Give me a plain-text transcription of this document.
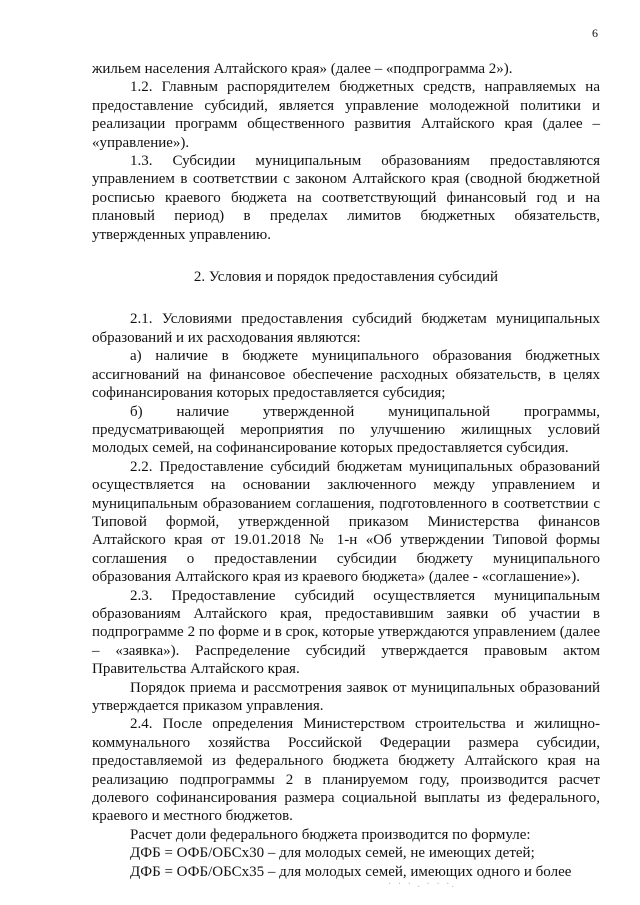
6

жильем населения Алтайского края» (далее – «подпрограмма 2»).

1.2. Главным распорядителем бюджетных средств, направляемых на предоставление субсидий, является управление молодежной политики и реализации программ общественного развития Алтайского края (далее – «управление»).

1.3. Субсидии муниципальным образованиям предоставляются управлением в соответствии с законом Алтайского края (сводной бюджетной росписью краевого бюджета на соответствующий финансовый год и на плановый период) в пределах лимитов бюджетных обязательств, утвержденных управлению.

2. Условия и порядок предоставления субсидий

2.1. Условиями предоставления субсидий бюджетам муниципальных образований и их расходования являются:

а) наличие в бюджете муниципального образования бюджетных ассигнований на финансовое обеспечение расходных обязательств, в целях софинансирования которых предоставляется субсидия;

б) наличие утвержденной муниципальной программы, предусматривающей мероприятия по улучшению жилищных условий молодых семей, на софинансирование которых предоставляется субсидия.

2.2. Предоставление субсидий бюджетам муниципальных образований осуществляется на основании заключенного между управлением и муниципальным образованием соглашения, подготовленного в соответствии с Типовой формой, утвержденной приказом Министерства финансов Алтайского края от 19.01.2018 № 1-н «Об утверждении Типовой формы соглашения о предоставлении субсидии бюджету муниципального образования Алтайского края из краевого бюджета» (далее - «соглашение»).

2.3. Предоставление субсидий осуществляется муниципальным образованиям Алтайского края, предоставившим заявки об участии в подпрограмме 2 по форме и в срок, которые утверждаются управлением (далее – «заявка»). Распределение субсидий утверждается правовым актом Правительства Алтайского края.

Порядок приема и рассмотрения заявок от муниципальных образований утверждается приказом управления.

2.4. После определения Министерством строительства и жилищно-коммунального хозяйства Российской Федерации размера субсидии, предоставляемой из федерального бюджета бюджету Алтайского края на реализацию подпрограммы 2 в планируемом году, производится расчет долевого софинансирования размера социальной выплаты из федерального, краевого и местного бюджетов.

Расчет доли федерального бюджета производится по формуле:

ДФБ = ОФБ/ОБСх30 – для молодых семей, не имеющих детей;

ДФБ = ОФБ/ОБСх35 – для молодых семей, имеющих одного и более

· · · . · · ·.
